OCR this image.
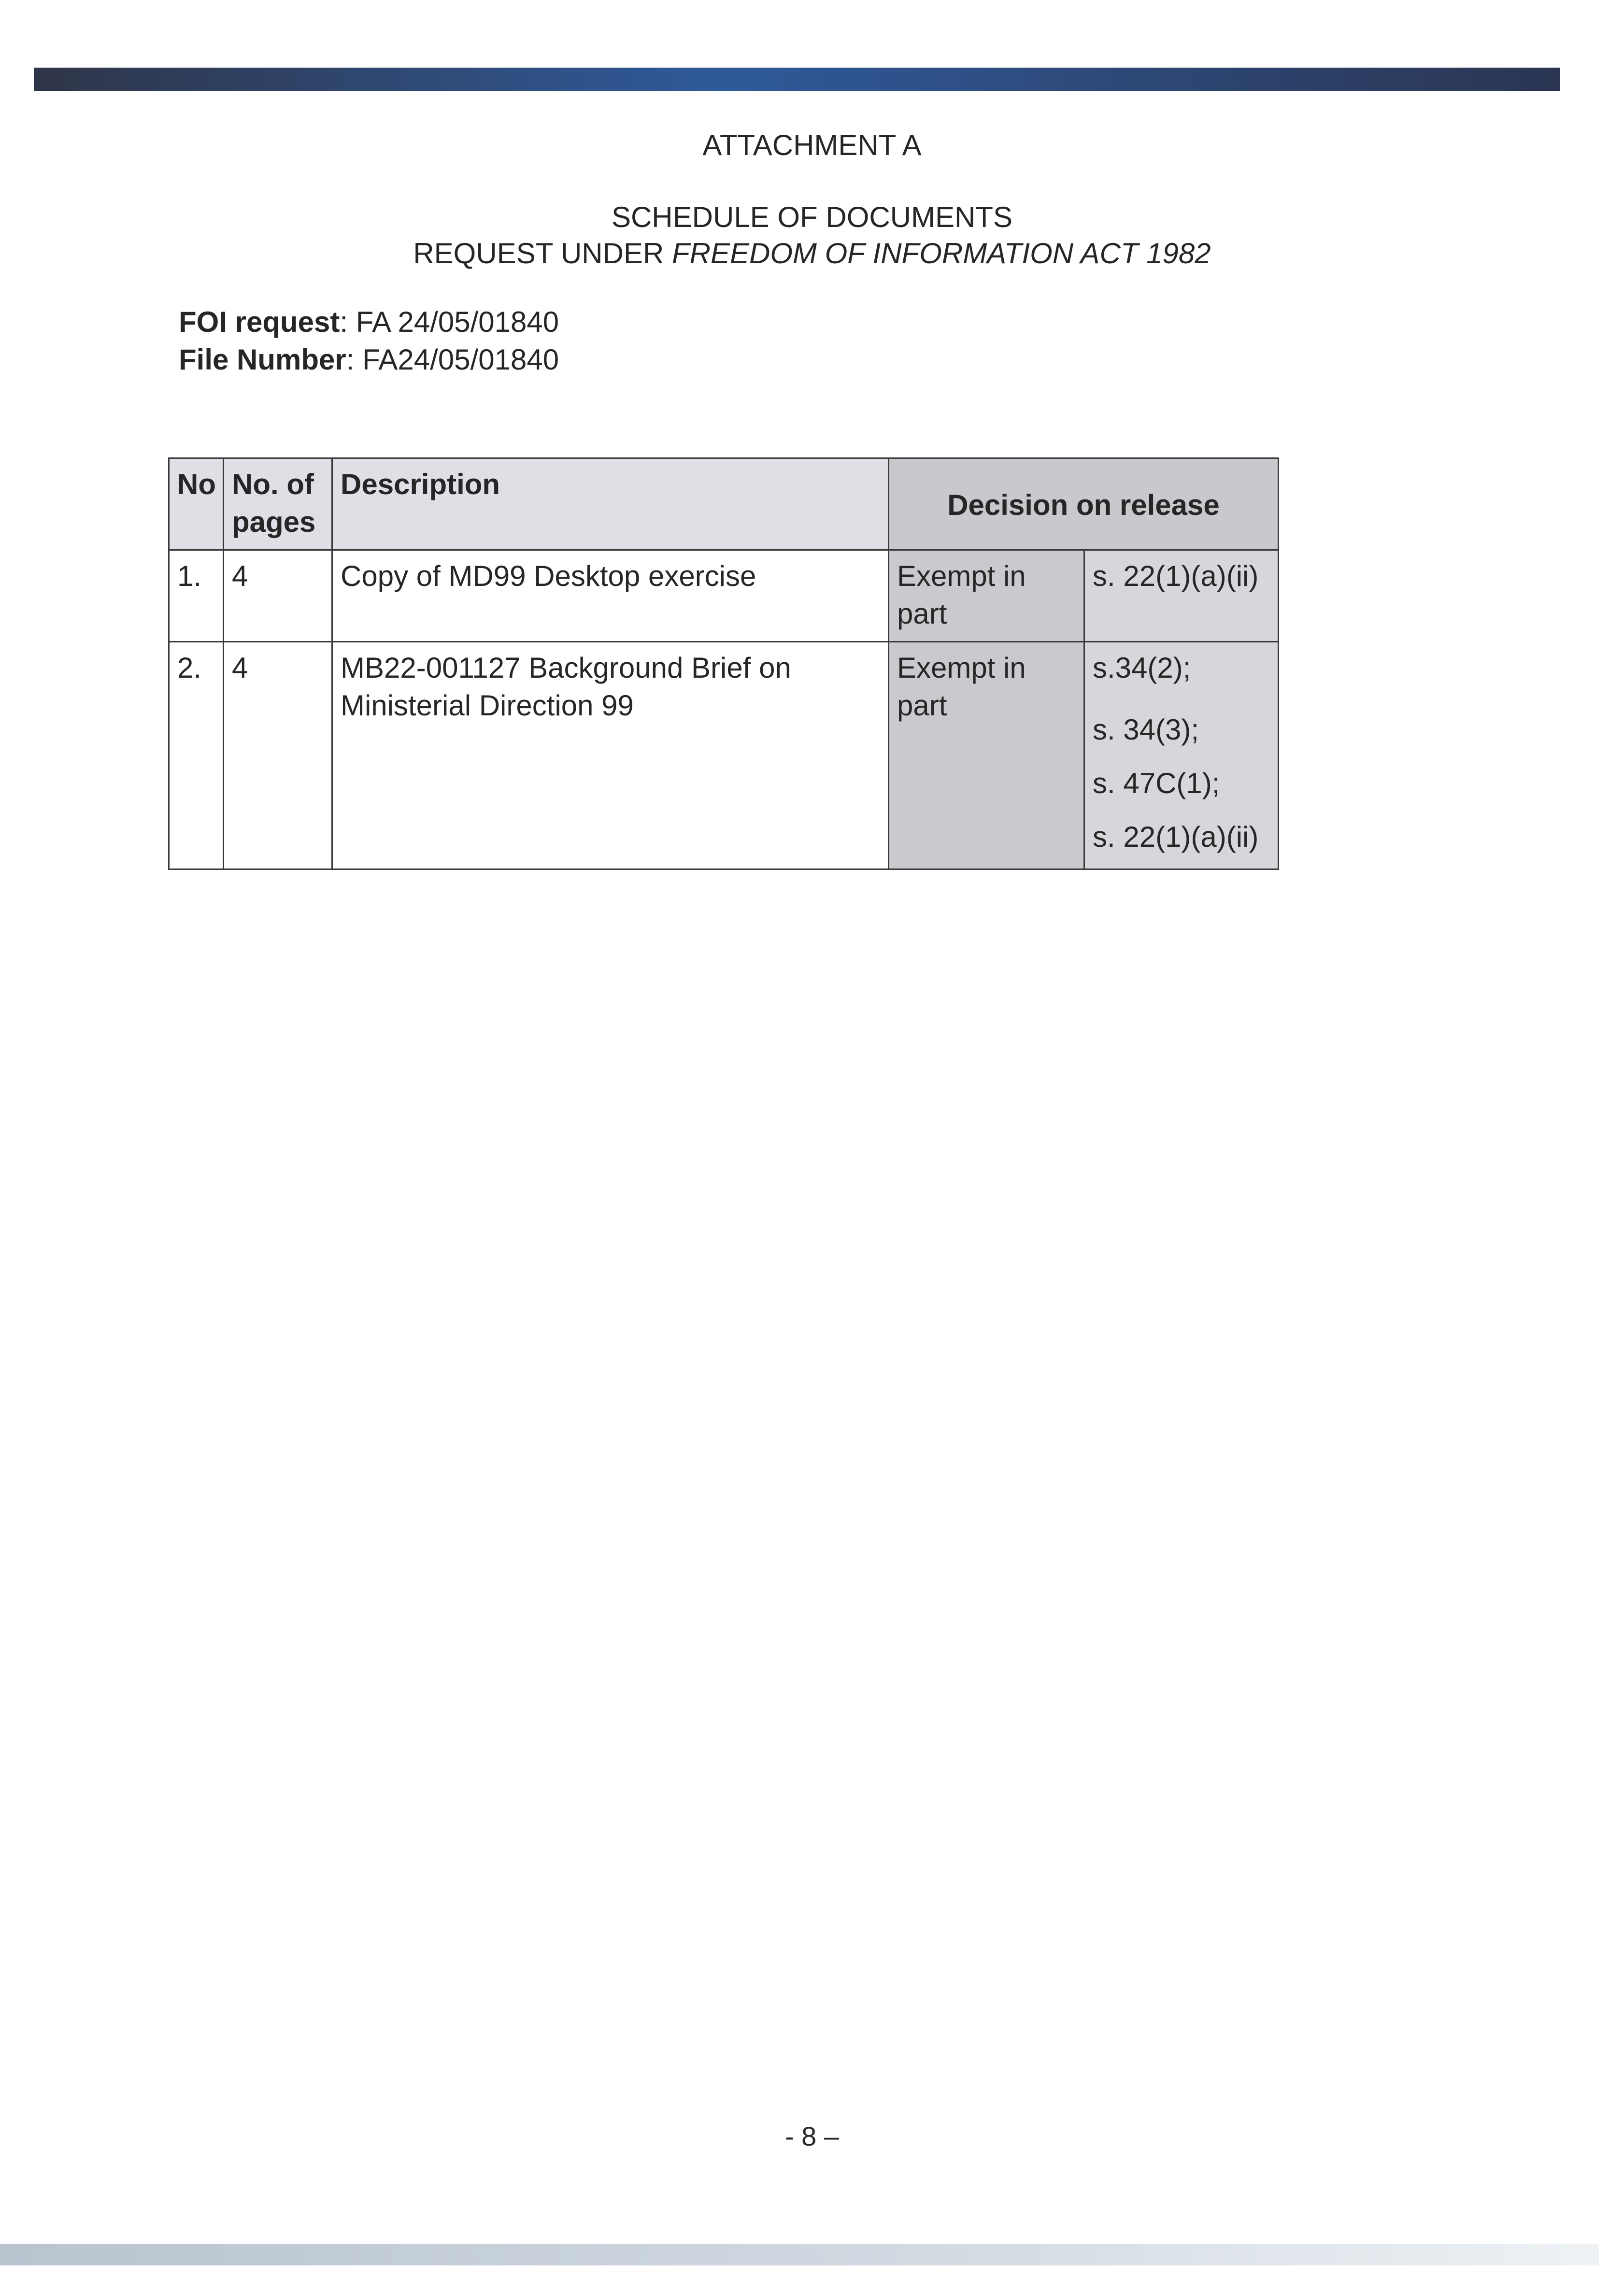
ATTACHMENT A
SCHEDULE OF DOCUMENTS
REQUEST UNDER FREEDOM OF INFORMATION ACT 1982
FOI request: FA 24/05/01840
File Number: FA24/05/01840
No	No. of pages	Description	Decision on release	
1.	4	Copy of MD99 Desktop exercise	Exempt in part	s. 22(1)(a)(ii)

2.	4	MB22-001127 Background Brief on Ministerial Direction 99	Exempt in part	s.34(2);
s. 34(3);
s. 47C(1);
s. 22(1)(a)(ii)
- 8 –
